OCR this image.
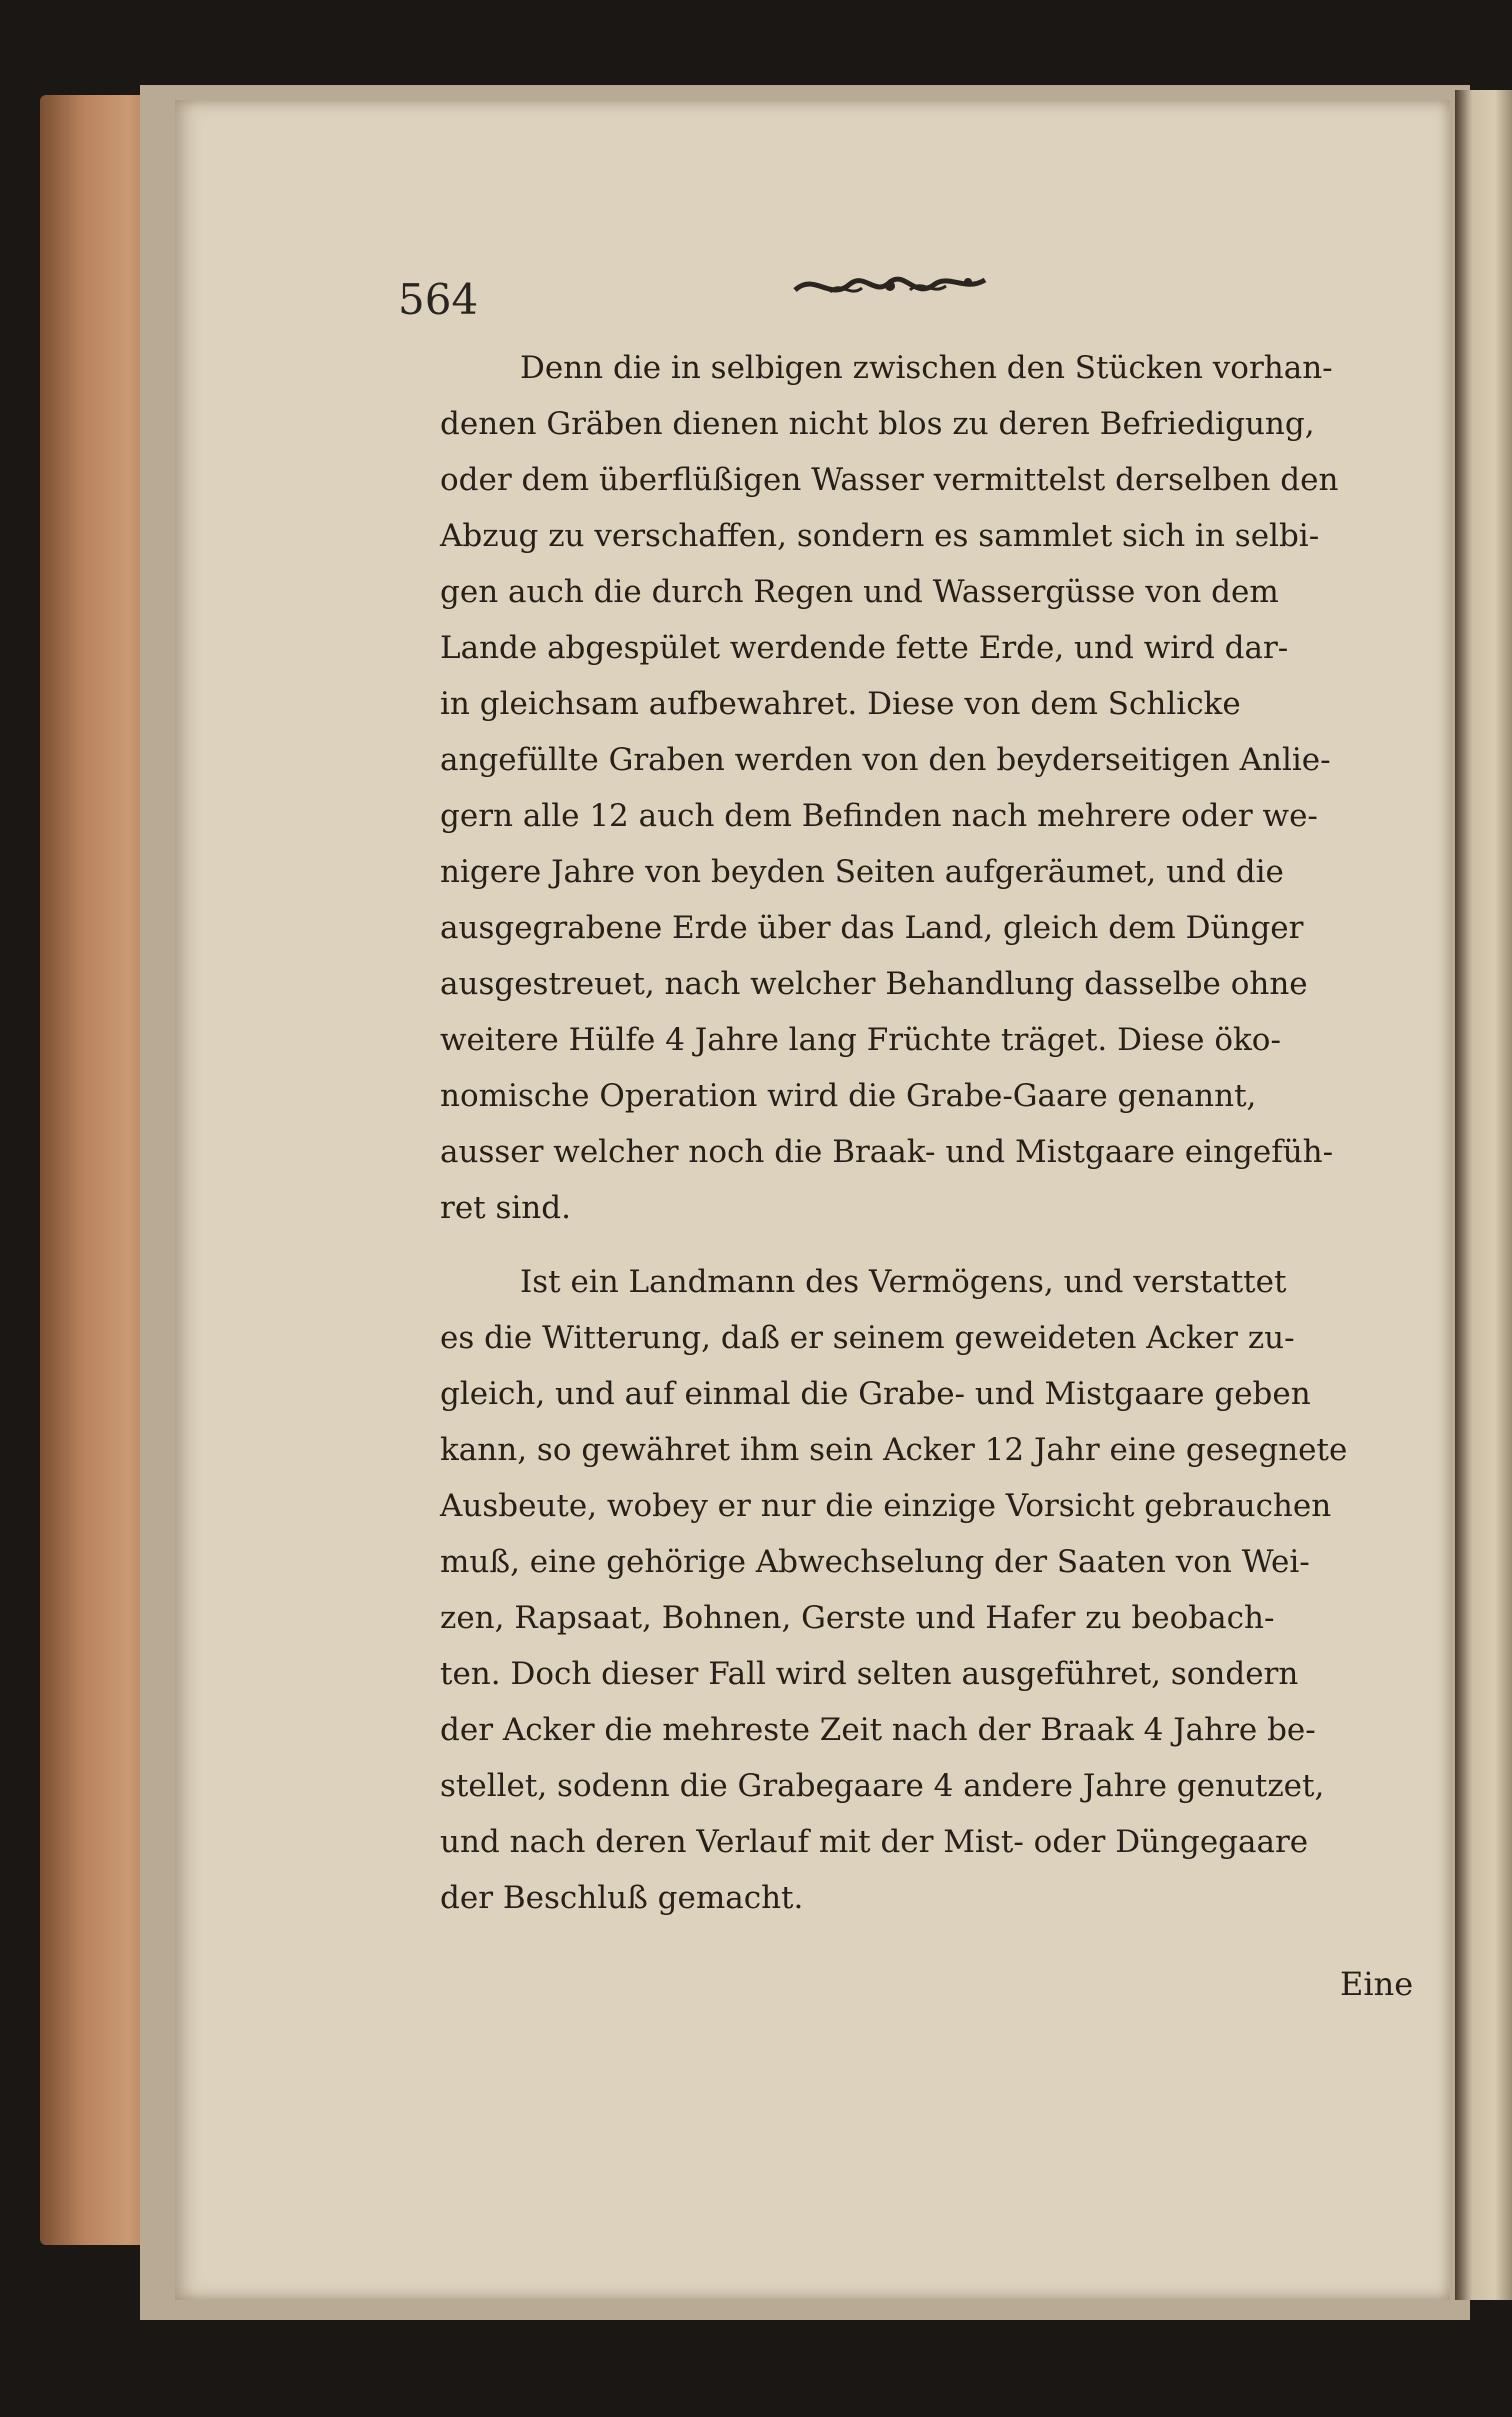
564

Denn die in selbigen zwischen den Stücken vorhan-
denen Gräben dienen nicht blos zu deren Befriedigung,
oder dem überflüßigen Wasser vermittelst derselben den
Abzug zu verschaffen, sondern es sammlet sich in selbi-
gen auch die durch Regen und Wassergüsse von dem
Lande abgespület werdende fette Erde, und wird dar-
in gleichsam aufbewahret. Diese von dem Schlicke
angefüllte Graben werden von den beyderseitigen Anlie-
gern alle 12 auch dem Befinden nach mehrere oder we-
nigere Jahre von beyden Seiten aufgeräumet, und die
ausgegrabene Erde über das Land, gleich dem Dünger
ausgestreuet, nach welcher Behandlung dasselbe ohne
weitere Hülfe 4 Jahre lang Früchte träget. Diese öko-
nomische Operation wird die Grabe-Gaare genannt,
ausser welcher noch die Braak- und Mistgaare eingefüh-
ret sind.

Ist ein Landmann des Vermögens, und verstattet
es die Witterung, daß er seinem geweideten Acker zu-
gleich, und auf einmal die Grabe- und Mistgaare geben
kann, so gewähret ihm sein Acker 12 Jahr eine gesegnete
Ausbeute, wobey er nur die einzige Vorsicht gebrauchen
muß, eine gehörige Abwechselung der Saaten von Wei-
zen, Rapsaat, Bohnen, Gerste und Hafer zu beobach-
ten. Doch dieser Fall wird selten ausgeführet, sondern
der Acker die mehreste Zeit nach der Braak 4 Jahre be-
stellet, sodenn die Grabegaare 4 andere Jahre genutzet,
und nach deren Verlauf mit der Mist- oder Düngegaare
der Beschluß gemacht.

Eine
